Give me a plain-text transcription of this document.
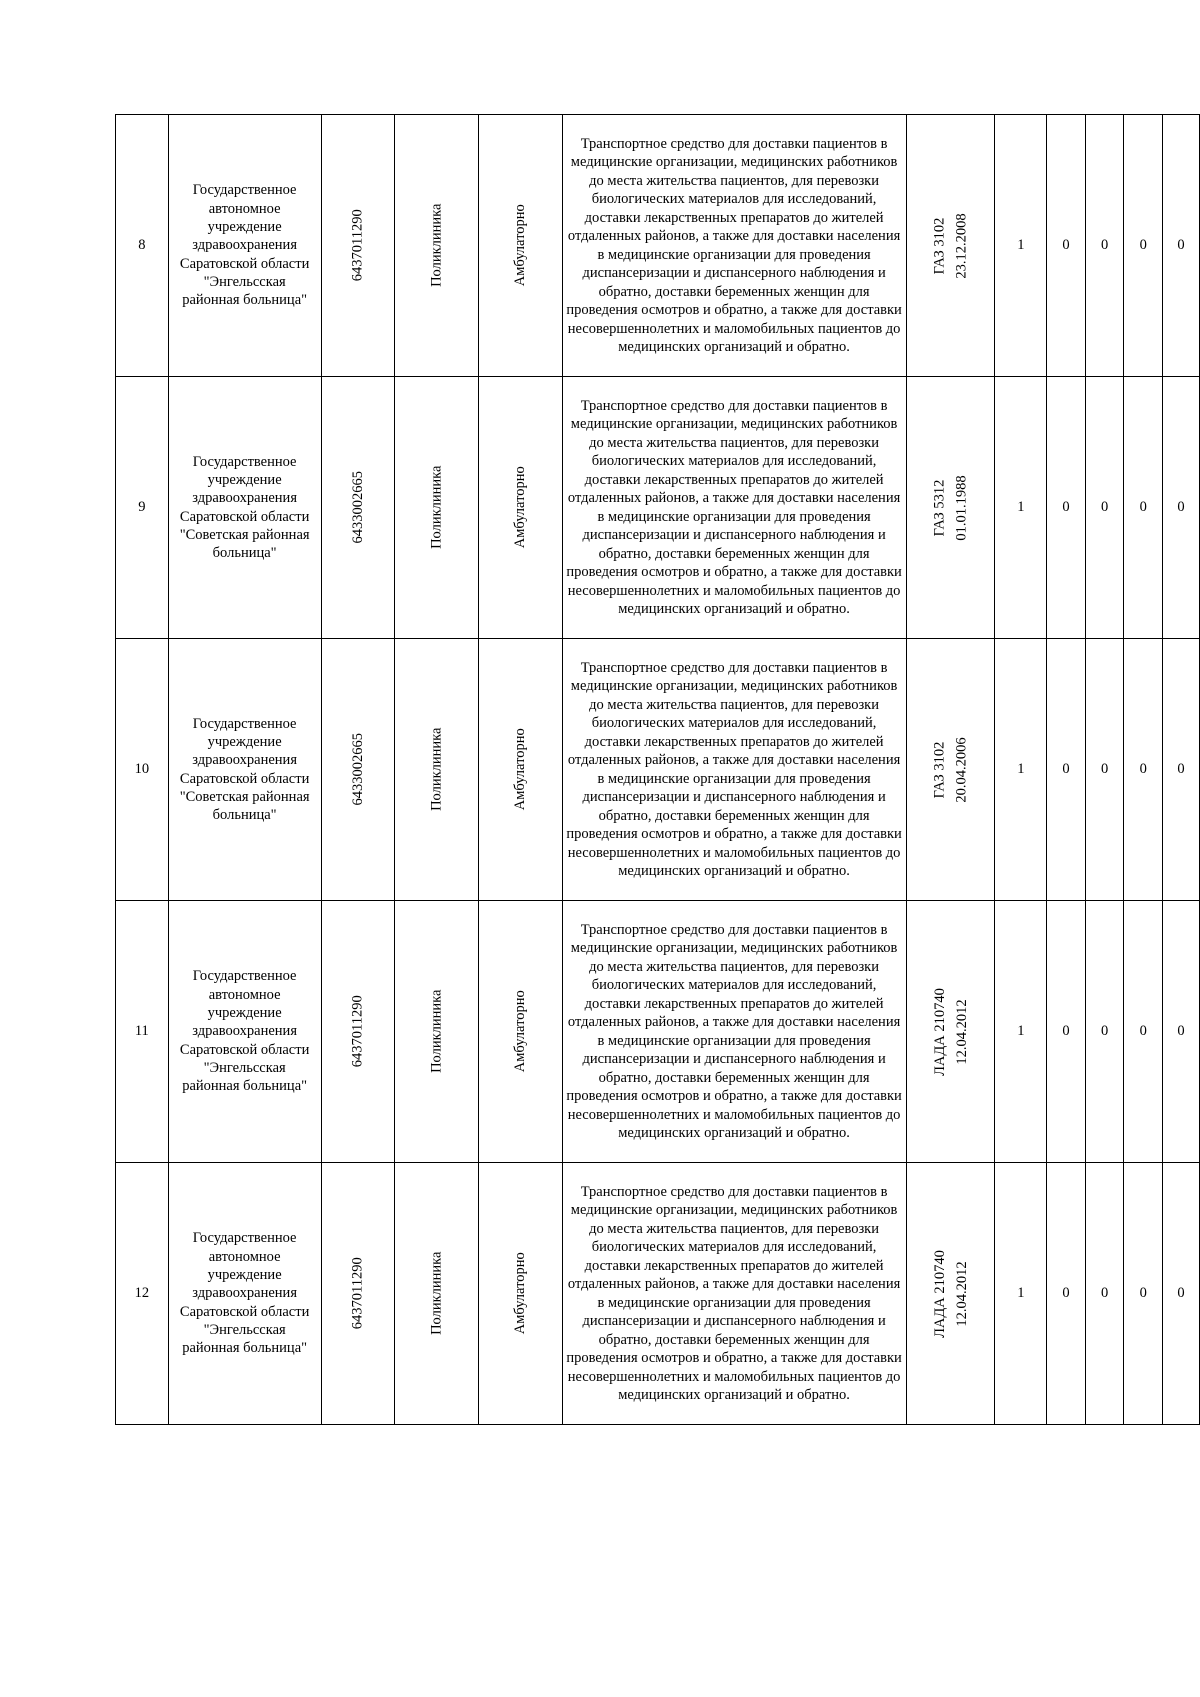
8	Государственное автономное учреждение здравоохранения Саратовской области "Энгельсская районная больница"	6437011290	Поликлиника	Амбулаторно	Транспортное средство для доставки пациентов в медицинские организации, медицинских работников до места жительства пациентов, для перевозки биологических материалов для исследований, доставки лекарственных препаратов до жителей отдаленных районов, а также для доставки населения в медицинские организации для проведения диспансеризации и диспансерного наблюдения и обратно, доставки беременных женщин для проведения осмотров и обратно, а также для доставки несовершеннолетних и маломобильных пациентов до медицинских организаций и обратно.	ГАЗ 3102 23.12.2008	1	0	0	0	0
9	Государственное учреждение здравоохранения Саратовской области "Советская районная больница"	6433002665	Поликлиника	Амбулаторно	Транспортное средство для доставки пациентов в медицинские организации, медицинских работников до места жительства пациентов, для перевозки биологических материалов для исследований, доставки лекарственных препаратов до жителей отдаленных районов, а также для доставки населения в медицинские организации для проведения диспансеризации и диспансерного наблюдения и обратно, доставки беременных женщин для проведения осмотров и обратно, а также для доставки несовершеннолетних и маломобильных пациентов до медицинских организаций и обратно.	ГАЗ 5312 01.01.1988	1	0	0	0	0
10	Государственное учреждение здравоохранения Саратовской области "Советская районная больница"	6433002665	Поликлиника	Амбулаторно	Транспортное средство для доставки пациентов в медицинские организации, медицинских работников до места жительства пациентов, для перевозки биологических материалов для исследований, доставки лекарственных препаратов до жителей отдаленных районов, а также для доставки населения в медицинские организации для проведения диспансеризации и диспансерного наблюдения и обратно, доставки беременных женщин для проведения осмотров и обратно, а также для доставки несовершеннолетних и маломобильных пациентов до медицинских организаций и обратно.	ГАЗ 3102 20.04.2006	1	0	0	0	0
11	Государственное автономное учреждение здравоохранения Саратовской области "Энгельсская районная больница"	6437011290	Поликлиника	Амбулаторно	Транспортное средство для доставки пациентов в медицинские организации, медицинских работников до места жительства пациентов, для перевозки биологических материалов для исследований, доставки лекарственных препаратов до жителей отдаленных районов, а также для доставки населения в медицинские организации для проведения диспансеризации и диспансерного наблюдения и обратно, доставки беременных женщин для проведения осмотров и обратно, а также для доставки несовершеннолетних и маломобильных пациентов до медицинских организаций и обратно.	ЛАДА 210740 12.04.2012	1	0	0	0	0
12	Государственное автономное учреждение здравоохранения Саратовской области "Энгельсская районная больница"	6437011290	Поликлиника	Амбулаторно	Транспортное средство для доставки пациентов в медицинские организации, медицинских работников до места жительства пациентов, для перевозки биологических материалов для исследований, доставки лекарственных препаратов до жителей отдаленных районов, а также для доставки населения в медицинские организации для проведения диспансеризации и диспансерного наблюдения и обратно, доставки беременных женщин для проведения осмотров и обратно, а также для доставки несовершеннолетних и маломобильных пациентов до медицинских организаций и обратно.	ЛАДА 210740 12.04.2012	1	0	0	0	0
